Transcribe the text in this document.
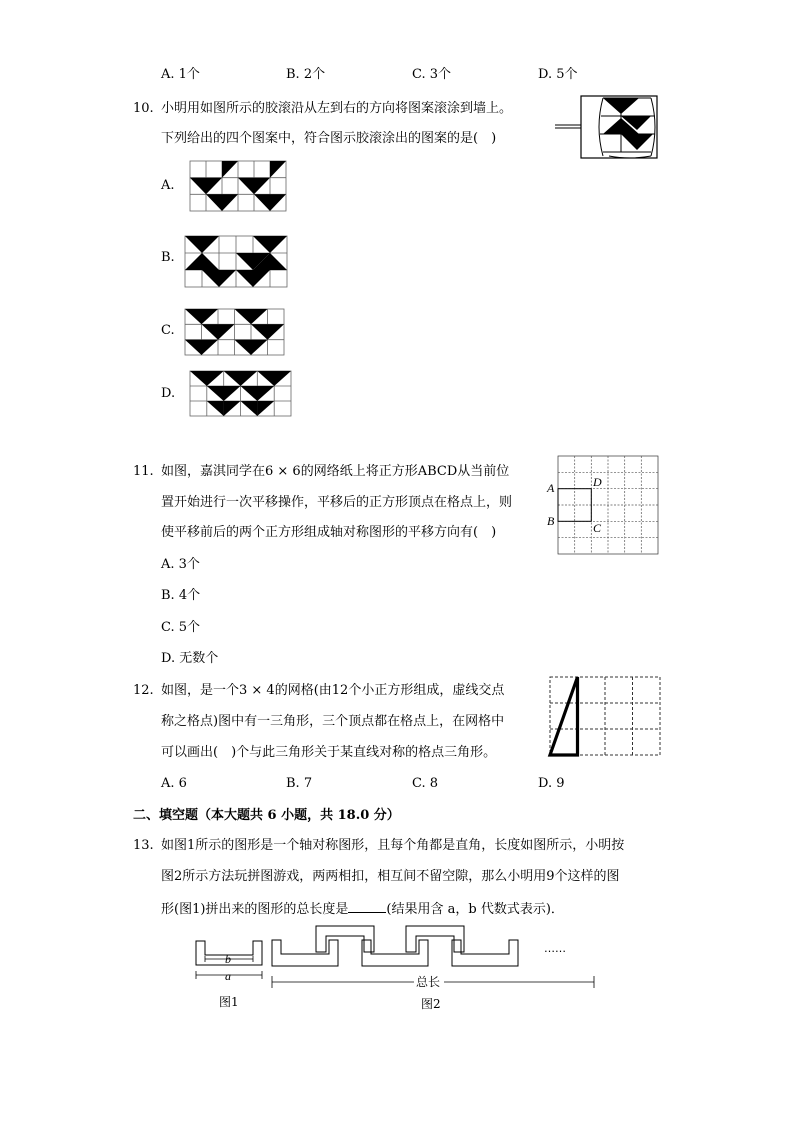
A. 1个	B. 2个	C. 3个	D. 5个
10. 小明用如图所示的胶滚沿从左到右的方向将图案滚涂到墙上。
下列给出的四个图案中，符合图示胶滚涂出的图案的是(　)
A.
B.
C.
D.
11. 如图，嘉淇同学在6 × 6的网络纸上将正方形ABCD从当前位
置开始进行一次平移操作，平移后的正方形顶点在格点上，则
使平移前后的两个正方形组成轴对称图形的平移方向有(　)
A
B
D
C
A. 3个
B. 4个
C. 5个
D. 无数个
12. 如图，是一个3 × 4的网格(由12个小正方形组成，虚线交点
称之格点)图中有一三角形，三个顶点都在格点上，在网格中
可以画出(　)个与此三角形关于某直线对称的格点三角形。
A. 6	B. 7	C. 8	D. 9
二、填空题（本大题共 6 小题，共 18.0 分）
13. 如图1所示的图形是一个轴对称图形，且每个角都是直角，长度如图所示，小明按
图2所示方法玩拼图游戏，两两相扣，相互间不留空隙，那么小明用9个这样的图
形(图1)拼出来的图形的总长度是	(结果用含 a，b 代数式表示)．
b
a
图1
……
总长
图2
